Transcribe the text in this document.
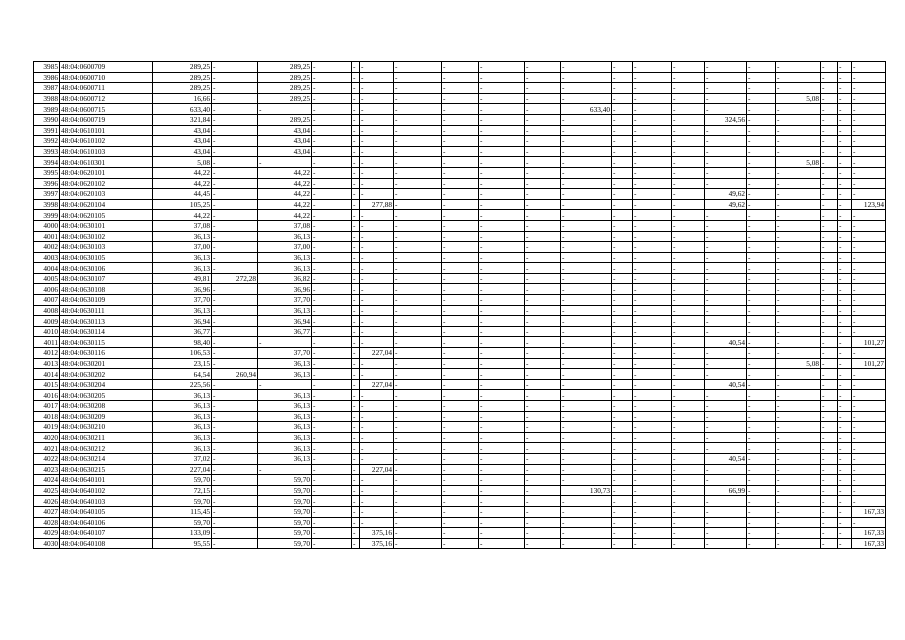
3985	48:04:0600709	289,25	-	289,25	-	-	-	-	-	-	-	-	-	-	-	-	-	-	-	-	-
3986	48:04:0600710	289,25	-	289,25	-	-	-	-	-	-	-	-	-	-	-	-	-	-	-	-	-
3987	48:04:0600711	289,25	-	289,25	-	-	-	-	-	-	-	-	-	-	-	-	-	-	-	-	-
3988	48:04:0600712	16,66	-	289,25	-	-	-	-	-	-	-	-	-	-	-	-	-	5,08	-	-	-
3989	48:04:0600715	633,40	-	-	-	-	-	-	-	-	-	633,40	-	-	-	-	-	-	-	-	-
3990	48:04:0600719	321,84	-	289,25	-	-	-	-	-	-	-	-	-	-	-	324,56	-	-	-	-	-
3991	48:04:0610101	43,04	-	43,04	-	-	-	-	-	-	-	-	-	-	-	-	-	-	-	-	-
3992	48:04:0610102	43,04	-	43,04	-	-	-	-	-	-	-	-	-	-	-	-	-	-	-	-	-
3993	48:04:0610103	43,04	-	43,04	-	-	-	-	-	-	-	-	-	-	-	-	-	-	-	-	-
3994	48:04:0610301	5,08	-	-	-	-	-	-	-	-	-	-	-	-	-	-	-	5,08	-	-	-
3995	48:04:0620101	44,22	-	44,22	-	-	-	-	-	-	-	-	-	-	-	-	-	-	-	-	-
3996	48:04:0620102	44,22	-	44,22	-	-	-	-	-	-	-	-	-	-	-	-	-	-	-	-	-
3997	48:04:0620103	44,45	-	44,22	-	-	-	-	-	-	-	-	-	-	-	49,62	-	-	-	-	-
3998	48:04:0620104	105,25	-	44,22	-	-	277,88	-	-	-	-	-	-	-	-	49,62	-	-	-	-	123,94
3999	48:04:0620105	44,22	-	44,22	-	-	-	-	-	-	-	-	-	-	-	-	-	-	-	-	-
4000	48:04:0630101	37,08	-	37,08	-	-	-	-	-	-	-	-	-	-	-	-	-	-	-	-	-
4001	48:04:0630102	36,13	-	36,13	-	-	-	-	-	-	-	-	-	-	-	-	-	-	-	-	-
4002	48:04:0630103	37,00	-	37,00	-	-	-	-	-	-	-	-	-	-	-	-	-	-	-	-	-
4003	48:04:0630105	36,13	-	36,13	-	-	-	-	-	-	-	-	-	-	-	-	-	-	-	-	-
4004	48:04:0630106	36,13	-	36,13	-	-	-	-	-	-	-	-	-	-	-	-	-	-	-	-	-
4005	48:04:0630107	49,81	272,28	36,82	-	-	-	-	-	-	-	-	-	-	-	-	-	-	-	-	-
4006	48:04:0630108	36,96	-	36,96	-	-	-	-	-	-	-	-	-	-	-	-	-	-	-	-	-
4007	48:04:0630109	37,70	-	37,70	-	-	-	-	-	-	-	-	-	-	-	-	-	-	-	-	-
4008	48:04:0630111	36,13	-	36,13	-	-	-	-	-	-	-	-	-	-	-	-	-	-	-	-	-
4009	48:04:0630113	36,94	-	36,94	-	-	-	-	-	-	-	-	-	-	-	-	-	-	-	-	-
4010	48:04:0630114	36,77	-	36,77	-	-	-	-	-	-	-	-	-	-	-	-	-	-	-	-	-
4011	48:04:0630115	98,40	-	-	-	-	-	-	-	-	-	-	-	-	-	40,54	-	-	-	-	101,27
4012	48:04:0630116	106,53	-	37,70	-	-	227,04	-	-	-	-	-	-	-	-	-	-	-	-	-	-
4013	48:04:0630201	23,15	-	36,13	-	-	-	-	-	-	-	-	-	-	-	-	-	5,08	-	-	101,27
4014	48:04:0630202	64,54	260,94	36,13	-	-	-	-	-	-	-	-	-	-	-	-	-	-	-	-	-
4015	48:04:0630204	225,56	-	-	-	-	227,04	-	-	-	-	-	-	-	-	40,54	-	-	-	-	-
4016	48:04:0630205	36,13	-	36,13	-	-	-	-	-	-	-	-	-	-	-	-	-	-	-	-	-
4017	48:04:0630208	36,13	-	36,13	-	-	-	-	-	-	-	-	-	-	-	-	-	-	-	-	-
4018	48:04:0630209	36,13	-	36,13	-	-	-	-	-	-	-	-	-	-	-	-	-	-	-	-	-
4019	48:04:0630210	36,13	-	36,13	-	-	-	-	-	-	-	-	-	-	-	-	-	-	-	-	-
4020	48:04:0630211	36,13	-	36,13	-	-	-	-	-	-	-	-	-	-	-	-	-	-	-	-	-
4021	48:04:0630212	36,13	-	36,13	-	-	-	-	-	-	-	-	-	-	-	-	-	-	-	-	-
4022	48:04:0630214	37,02	-	36,13	-	-	-	-	-	-	-	-	-	-	-	40,54	-	-	-	-	-
4023	48:04:0630215	227,04	-	-	-	-	227,04	-	-	-	-	-	-	-	-	-	-	-	-	-	-
4024	48:04:0640101	59,70	-	59,70	-	-	-	-	-	-	-	-	-	-	-	-	-	-	-	-	-
4025	48:04:0640102	72,15	-	59,70	-	-	-	-	-	-	-	130,73	-	-	-	66,99	-	-	-	-	-
4026	48:04:0640103	59,70	-	59,70	-	-	-	-	-	-	-	-	-	-	-	-	-	-	-	-	-
4027	48:04:0640105	115,45	-	59,70	-	-	-	-	-	-	-	-	-	-	-	-	-	-	-	-	167,33
4028	48:04:0640106	59,70	-	59,70	-	-	-	-	-	-	-	-	-	-	-	-	-	-	-	-	-
4029	48:04:0640107	133,09	-	59,70	-	-	375,16	-	-	-	-	-	-	-	-	-	-	-	-	-	167,33
4030	48:04:0640108	95,55	-	59,70	-	-	375,16	-	-	-	-	-	-	-	-	-	-	-	-	-	167,33
